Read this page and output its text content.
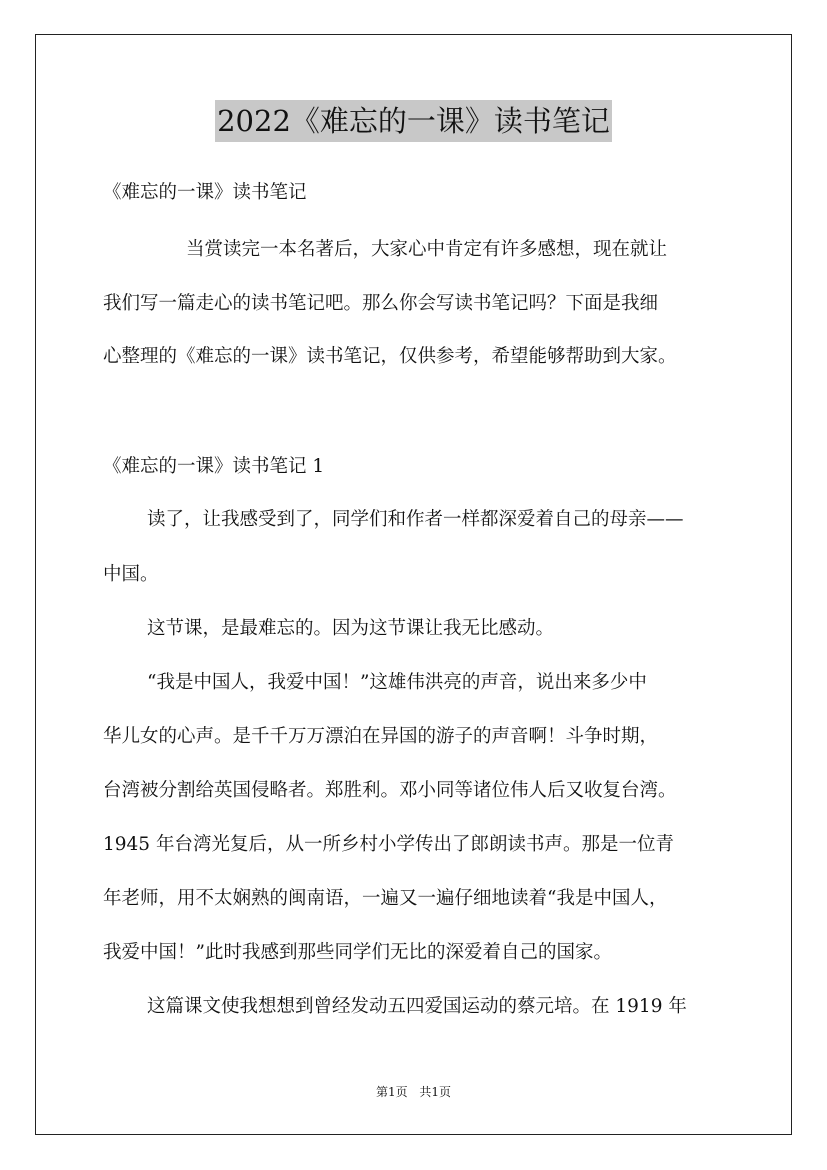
2022《难忘的一课》读书笔记
《难忘的一课》读书笔记
当赏读完一本名著后，大家心中肯定有许多感想，现在就让
我们写一篇走心的读书笔记吧。那么你会写读书笔记吗？下面是我细
心整理的《难忘的一课》读书笔记，仅供参考，希望能够帮助到大家。
《难忘的一课》读书笔记 1
读了，让我感受到了，同学们和作者一样都深爱着自己的母亲——
中国。
这节课，是最难忘的。因为这节课让我无比感动。
“我是中国人，我爱中国！”这雄伟洪亮的声音，说出来多少中
华儿女的心声。是千千万万漂泊在异国的游子的声音啊！斗争时期，
台湾被分割给英国侵略者。郑胜利。邓小同等诸位伟人后又收复台湾。
1945 年台湾光复后，从一所乡村小学传出了郎朗读书声。那是一位青
年老师，用不太娴熟的闽南语，一遍又一遍仔细地读着“我是中国人，
我爱中国！”此时我感到那些同学们无比的深爱着自己的国家。
这篇课文使我想想到曾经发动五四爱国运动的蔡元培。在 1919 年
第1页 共1页
